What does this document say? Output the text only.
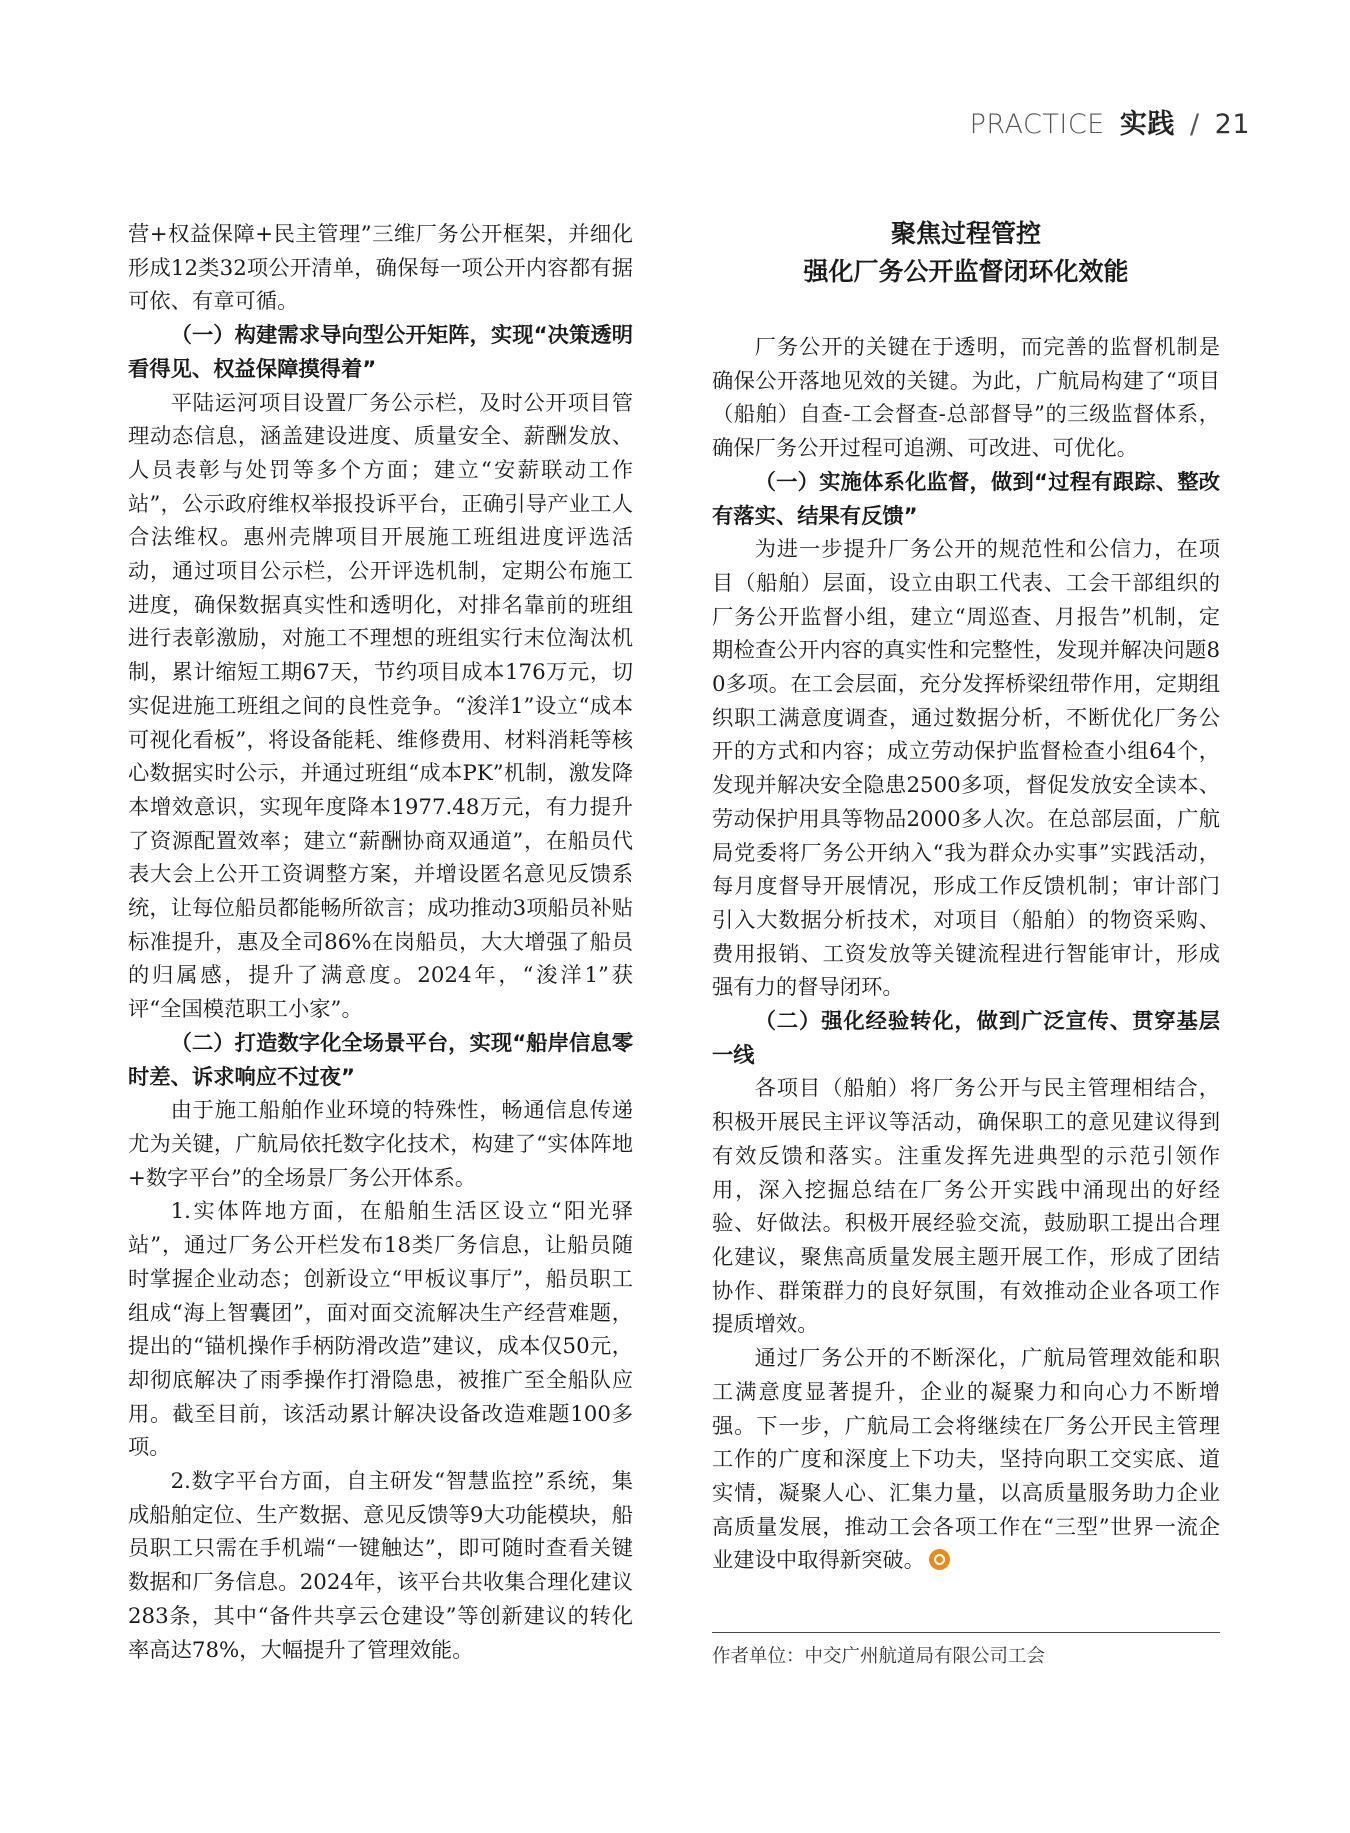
PRACTICE 实践 / 21

营+权益保障+民主管理”三维厂务公开框架，并细化形成12类32项公开清单，确保每一项公开内容都有据可依、有章可循。

（一）构建需求导向型公开矩阵，实现“决策透明看得见、权益保障摸得着”

平陆运河项目设置厂务公示栏，及时公开项目管理动态信息，涵盖建设进度、质量安全、薪酬发放、人员表彰与处罚等多个方面；建立“安薪联动工作站”，公示政府维权举报投诉平台，正确引导产业工人合法维权。惠州壳牌项目开展施工班组进度评选活动，通过项目公示栏，公开评选机制，定期公布施工进度，确保数据真实性和透明化，对排名靠前的班组进行表彰激励，对施工不理想的班组实行末位淘汰机制，累计缩短工期67天，节约项目成本176万元，切实促进施工班组之间的良性竞争。“浚洋1”设立“成本可视化看板”，将设备能耗、维修费用、材料消耗等核心数据实时公示，并通过班组“成本PK”机制，激发降本增效意识，实现年度降本1977.48万元，有力提升了资源配置效率；建立“薪酬协商双通道”，在船员代表大会上公开工资调整方案，并增设匿名意见反馈系统，让每位船员都能畅所欲言；成功推动3项船员补贴标准提升，惠及全司86%在岗船员，大大增强了船员的归属感，提升了满意度。2024年，“浚洋1”获评“全国模范职工小家”。

（二）打造数字化全场景平台，实现“船岸信息零时差、诉求响应不过夜”

由于施工船舶作业环境的特殊性，畅通信息传递尤为关键，广航局依托数字化技术，构建了“实体阵地+数字平台”的全场景厂务公开体系。

1.实体阵地方面，在船舶生活区设立“阳光驿站”，通过厂务公开栏发布18类厂务信息，让船员随时掌握企业动态；创新设立“甲板议事厅”，船员职工组成“海上智囊团”，面对面交流解决生产经营难题，提出的“锚机操作手柄防滑改造”建议，成本仅50元，却彻底解决了雨季操作打滑隐患，被推广至全船队应用。截至目前，该活动累计解决设备改造难题100多项。

2.数字平台方面，自主研发“智慧监控”系统，集成船舶定位、生产数据、意见反馈等9大功能模块，船员职工只需在手机端“一键触达”，即可随时查看关键数据和厂务信息。2024年，该平台共收集合理化建议283条，其中“备件共享云仓建设”等创新建议的转化率高达78%，大幅提升了管理效能。

聚焦过程管控
强化厂务公开监督闭环化效能

厂务公开的关键在于透明，而完善的监督机制是确保公开落地见效的关键。为此，广航局构建了“项目（船舶）自查-工会督查-总部督导”的三级监督体系，确保厂务公开过程可追溯、可改进、可优化。

（一）实施体系化监督，做到“过程有跟踪、整改有落实、结果有反馈”

为进一步提升厂务公开的规范性和公信力，在项目（船舶）层面，设立由职工代表、工会干部组织的厂务公开监督小组，建立“周巡查、月报告”机制，定期检查公开内容的真实性和完整性，发现并解决问题80多项。在工会层面，充分发挥桥梁纽带作用，定期组织职工满意度调查，通过数据分析，不断优化厂务公开的方式和内容；成立劳动保护监督检查小组64个，发现并解决安全隐患2500多项，督促发放安全读本、劳动保护用具等物品2000多人次。在总部层面，广航局党委将厂务公开纳入“我为群众办实事”实践活动，每月度督导开展情况，形成工作反馈机制；审计部门引入大数据分析技术，对项目（船舶）的物资采购、费用报销、工资发放等关键流程进行智能审计，形成强有力的督导闭环。

（二）强化经验转化，做到广泛宣传、贯穿基层一线

各项目（船舶）将厂务公开与民主管理相结合，积极开展民主评议等活动，确保职工的意见建议得到有效反馈和落实。注重发挥先进典型的示范引领作用，深入挖掘总结在厂务公开实践中涌现出的好经验、好做法。积极开展经验交流，鼓励职工提出合理化建议，聚焦高质量发展主题开展工作，形成了团结协作、群策群力的良好氛围，有效推动企业各项工作提质增效。

通过厂务公开的不断深化，广航局管理效能和职工满意度显著提升，企业的凝聚力和向心力不断增强。下一步，广航局工会将继续在厂务公开民主管理工作的广度和深度上下功夫，坚持向职工交实底、道实情，凝聚人心、汇集力量，以高质量服务助力企业高质量发展，推动工会各项工作在“三型”世界一流企业建设中取得新突破。

作者单位：中交广州航道局有限公司工会
